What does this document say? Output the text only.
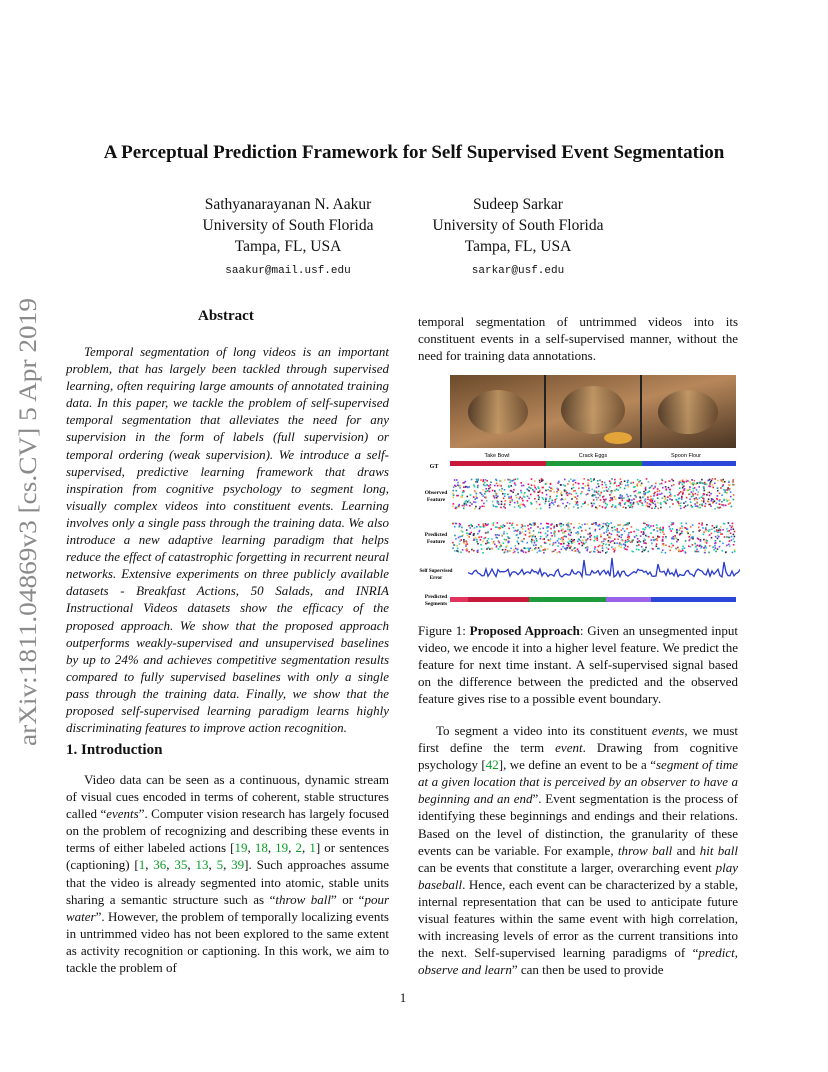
A Perceptual Prediction Framework for Self Supervised Event Segmentation
Sathyanarayanan N. Aakur
University of South Florida
Tampa, FL, USA
saakur@mail.usf.edu
Sudeep Sarkar
University of South Florida
Tampa, FL, USA
sarkar@usf.edu
arXiv:1811.04869v3 [cs.CV] 5 Apr 2019
Abstract
Temporal segmentation of long videos is an important problem, that has largely been tackled through supervised learning, often requiring large amounts of annotated training data. In this paper, we tackle the problem of self-supervised temporal segmentation that alleviates the need for any supervision in the form of labels (full supervision) or temporal ordering (weak supervision). We introduce a self-supervised, predictive learning framework that draws inspiration from cognitive psychology to segment long, visually complex videos into constituent events. Learning involves only a single pass through the training data. We also introduce a new adaptive learning paradigm that helps reduce the effect of catastrophic forgetting in recurrent neural networks. Extensive experiments on three publicly available datasets - Breakfast Actions, 50 Salads, and INRIA Instructional Videos datasets show the efficacy of the proposed approach. We show that the proposed approach outperforms weakly-supervised and unsupervised baselines by up to 24% and achieves competitive segmentation results compared to fully supervised baselines with only a single pass through the training data. Finally, we show that the proposed self-supervised learning paradigm learns highly discriminating features to improve action recognition.
1. Introduction
Video data can be seen as a continuous, dynamic stream of visual cues encoded in terms of coherent, stable structures called “events”. Computer vision research has largely focused on the problem of recognizing and describing these events in terms of either labeled actions [19, 18, 19, 2, 1] or sentences (captioning) [1, 36, 35, 13, 5, 39]. Such approaches assume that the video is already segmented into atomic, stable units sharing a semantic structure such as “throw ball” or “pour water”. However, the problem of temporally localizing events in untrimmed video has not been explored to the same extent as activity recognition or captioning. In this work, we aim to tackle the problem of
temporal segmentation of untrimmed videos into its constituent events in a self-supervised manner, without the need for training data annotations.
Take Bowl	Crack Eggs	Spoon Flour
GT
Observed
Feature
Predicted
Feature
Self Supervised
Error
Predicted
Segments
Figure 1: Proposed Approach: Given an unsegmented input video, we encode it into a higher level feature. We predict the feature for next time instant. A self-supervised signal based on the difference between the predicted and the observed feature gives rise to a possible event boundary.
To segment a video into its constituent events, we must first define the term event. Drawing from cognitive psychology [42], we define an event to be a “segment of time at a given location that is perceived by an observer to have a beginning and an end”. Event segmentation is the process of identifying these beginnings and endings and their relations. Based on the level of distinction, the granularity of these events can be variable. For example, throw ball and hit ball can be events that constitute a larger, overarching event play baseball. Hence, each event can be characterized by a stable, internal representation that can be used to anticipate future visual features within the same event with high correlation, with increasing levels of error as the current transitions into the next. Self-supervised learning paradigms of “predict, observe and learn” can then be used to provide
1
